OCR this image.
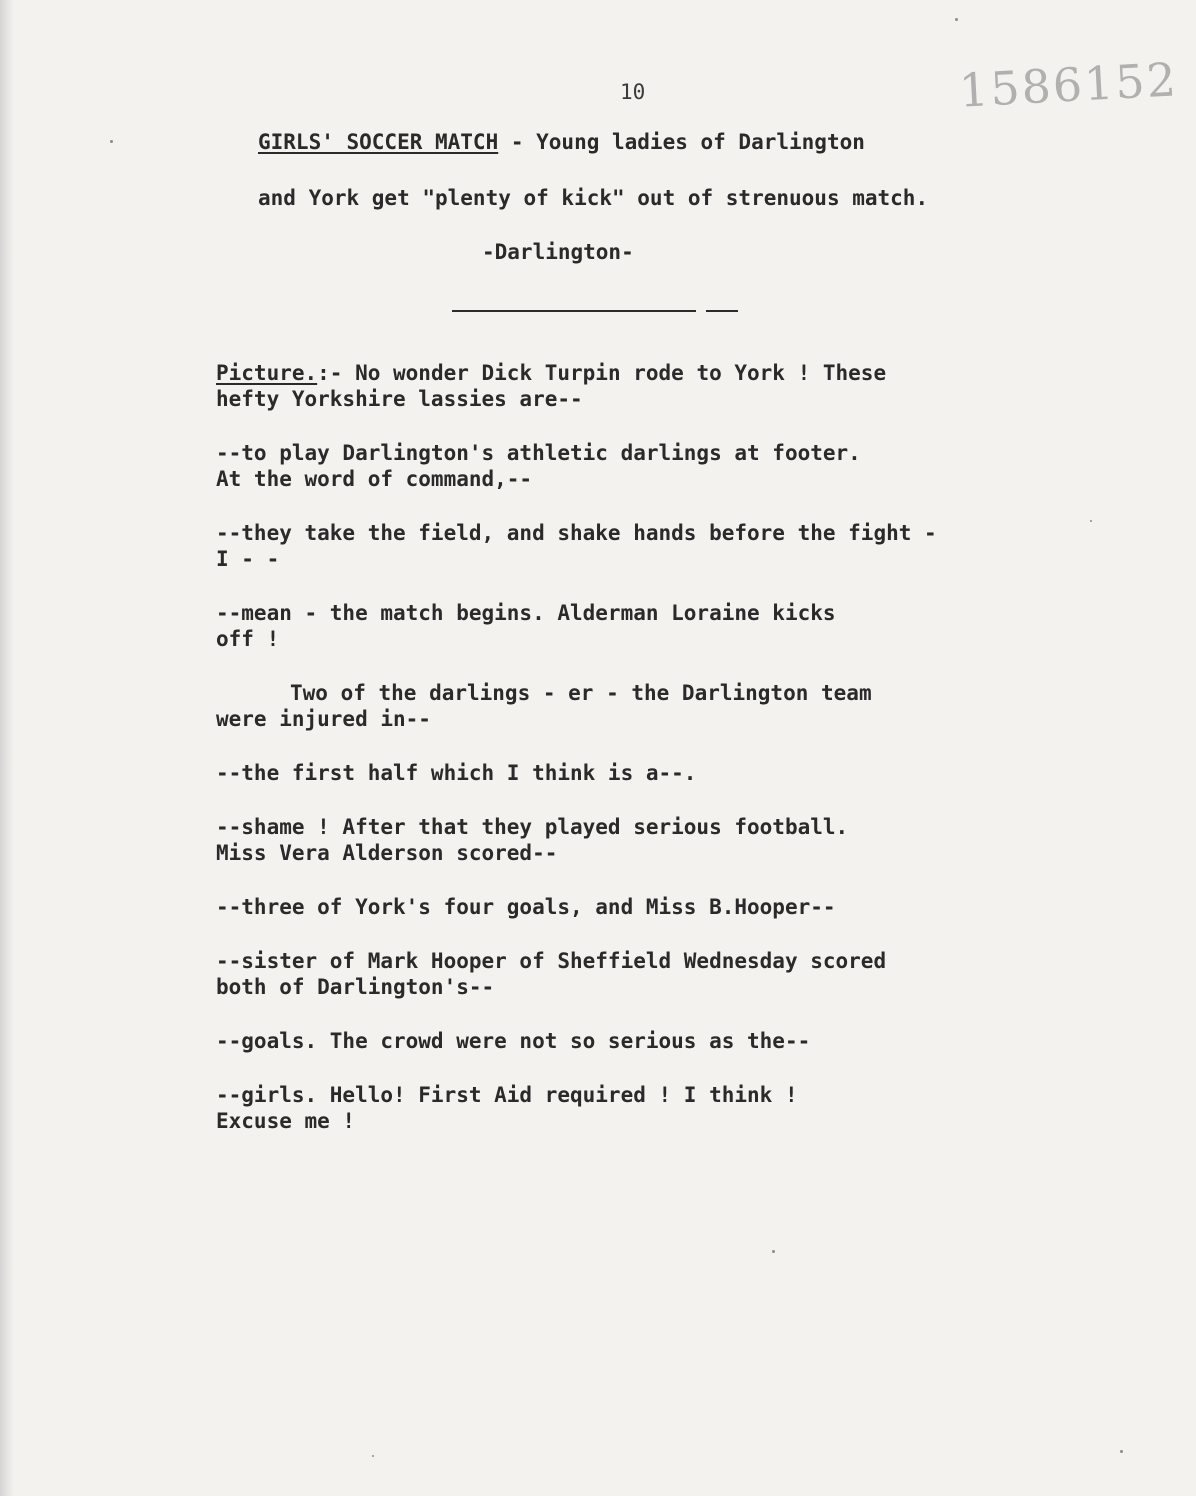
1586152
10
GIRLS' SOCCER MATCH - Young ladies of Darlington
and York get "plenty of kick" out of strenuous match.
-Darlington-

Picture.:- No wonder Dick Turpin rode to York ! These
hefty Yorkshire lassies are--

--to play Darlington's athletic darlings at footer.
At the word of command,--

--they take the field, and shake hands before the fight -
I - -

--mean - the match begins. Alderman Loraine kicks
off !

Two of the darlings - er - the Darlington team
were injured in--

--the first half which I think is a--.

--shame ! After that they played serious football.
Miss Vera Alderson scored--

--three of York's four goals, and Miss B.Hooper--

--sister of Mark Hooper of Sheffield Wednesday scored
both of Darlington's--

--goals. The crowd were not so serious as the--

--girls. Hello! First Aid required ! I think !
Excuse me !
